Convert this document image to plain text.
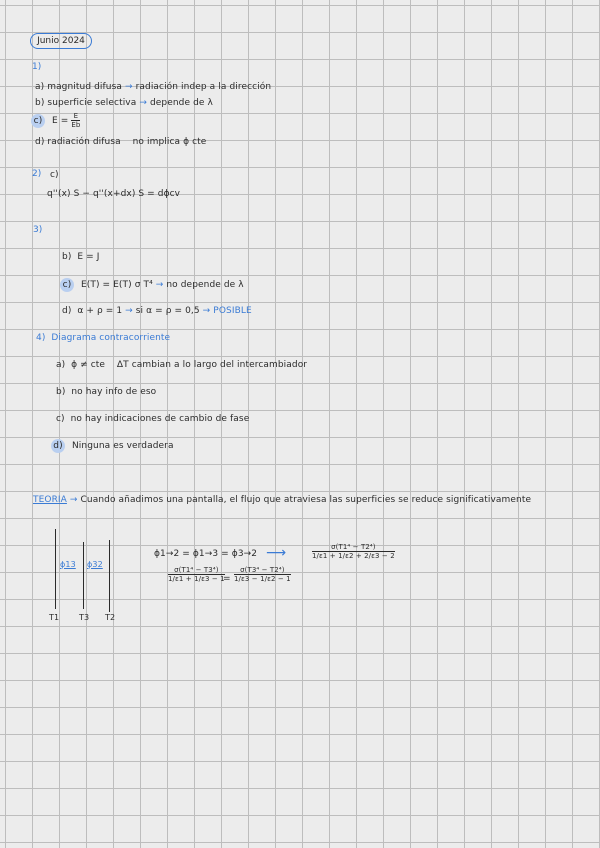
Junio 2024
1)
a) magnitud difusa → radiación indep a la dirección
b) superficie selectiva → depende de λ
c) $E = \frac{E}{Eb}$
d) radiación difusa no implica ϕ cte
2) c)
q''(x) S − q''(x+dx) S = dϕcv
3)
b) E = J
c) E(T) = E(T) σ T⁴ → no depende de λ
d) α + ρ = 1 → si α = ρ = 0,5 → POSIBLE
4) Diagrama contracorriente
a) ϕ ≠ cte ΔT cambian a lo largo del intercambiador
b) no hay info de eso
c) no hay indicaciones de cambio de fase
d) Ninguna es verdadera
TEORIA → Cuando añadimos una pantalla, el flujo que atraviesa las superficies se reduce significativamente
ϕ13 ϕ32
T1 T3 T2
ϕ1→2 = ϕ1→3 = ϕ3→2 ⟶
$\frac{\text{σ(T1⁴ − T3⁴)}}{1/\varepsilon 1 + 1/\varepsilon 3 - 1}$
= $\frac{\text{σ(T3⁴ − T2⁴)}}{1/\varepsilon 3 - 1/\varepsilon 2 - 1}$
$\frac{\text{σ(T1⁴ − T2⁴)}}{1/\varepsilon 1 + 1/\varepsilon 2 + 2/\varepsilon 3 - 2}$
